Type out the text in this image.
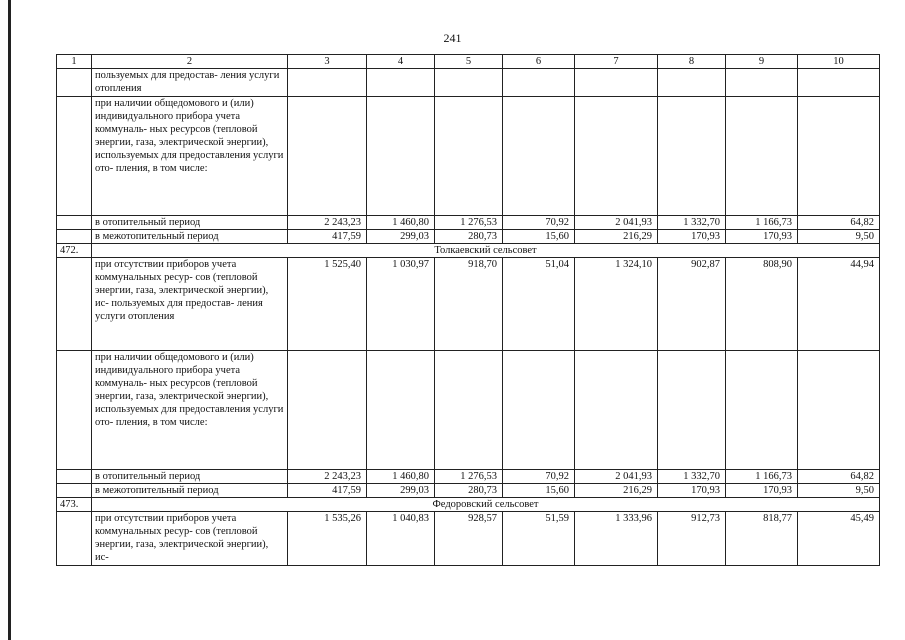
241
1	2	3	4	5	6	7	8	9	10
	пользуемых для предостав- ления услуги отопления								
	при наличии общедомового и (или) индивидуального прибора учета коммуналь- ных ресурсов (тепловой энергии, газа, электрической энергии), используемых для предоставления услуги ото- пления, в том числе:								
	в отопительный период	2 243,23	1 460,80	1 276,53	70,92	2 041,93	1 332,70	1 166,73	64,82
	в межотопительный период	417,59	299,03	280,73	15,60	216,29	170,93	170,93	9,50
472.	Толкаевский сельсовет								
	при отсутствии приборов учета коммунальных ресур- сов (тепловой энергии, газа, электрической энергии), ис- пользуемых для предостав- ления услуги отопления	1 525,40	1 030,97	918,70	51,04	1 324,10	902,87	808,90	44,94
	при наличии общедомового и (или) индивидуального прибора учета коммуналь- ных ресурсов (тепловой энергии, газа, электрической энергии), используемых для предоставления услуги ото- пления, в том числе:								
	в отопительный период	2 243,23	1 460,80	1 276,53	70,92	2 041,93	1 332,70	1 166,73	64,82
	в межотопительный период	417,59	299,03	280,73	15,60	216,29	170,93	170,93	9,50
473.	Федоровский сельсовет								
	при отсутствии приборов учета коммунальных ресур- сов (тепловой энергии, газа, электрической энергии), ис-	1 535,26	1 040,83	928,57	51,59	1 333,96	912,73	818,77	45,49
